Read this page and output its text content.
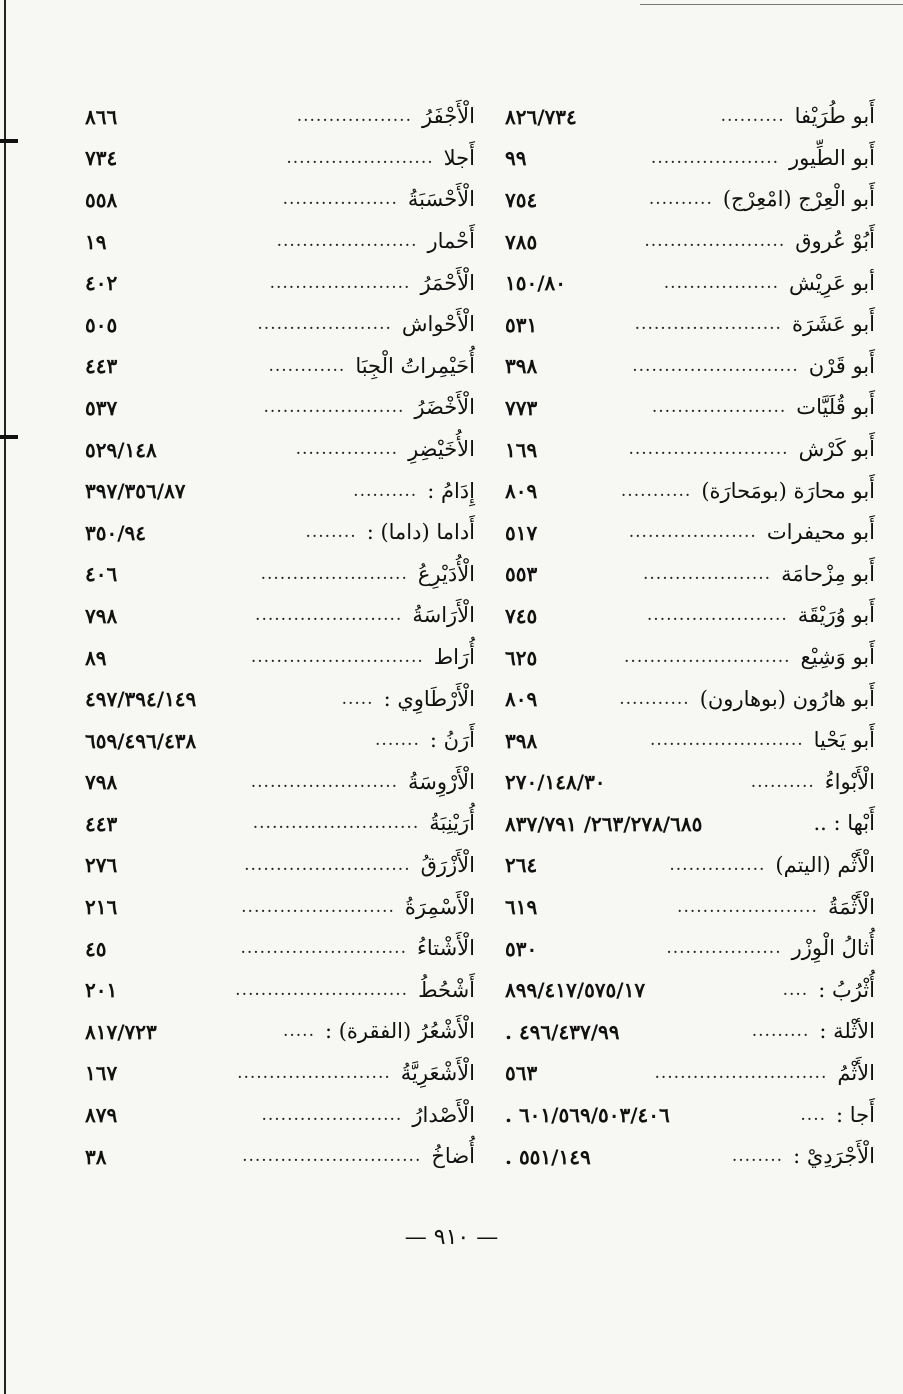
أَبو طُرَيْفا
..........
٨٢٦/٧٣٤
أَبو الطِّيور
....................
٩٩
أَبو الْعِرْج (امْعِرْج)
..........
٧٥٤
أَبُوْ عُروق
......................
٧٨٥
أبو عَرِيْش
..................
١٥٠/٨٠
أَبو عَشَرَة
.......................
٥٣١
أَبو قَرْن
..........................
٣٩٨
أَبو قُلَيَّات
.....................
٧٧٣
أَبو كَرْش
.........................
١٦٩
أَبو محارَة (بومَحارَة)
...........
٨٠٩
أَبو محيفرات
....................
٥١٧
أَبو مِزْحامَة
....................
٥٥٣
أَبو وُرَيْقَة
......................
٧٤٥
أَبو وَشِيْع
..........................
٦٢٥
أَبو هارُون (بوهارون)
...........
٨٠٩
أَبو يَحْيا
........................
٣٩٨
الْأَبْواءُ
..........
٢٧٠/١٤٨/٣٠
أَبْها : ..
٢٦٣/٢٧٨/٦٨٥/ ٨٣٧/٧٩١
الْأَثْم (اليتم)
...............
٢٦٤
الْأَثْمَةُ
......................
٦١٩
أُثالُ الْوِزْر
..................
٥٣٠
أُثْرُبُ :
....
٨٩٩/٤١٧/٥٧٥/١٧
الأثْلة :
.........
٤٩٦/٤٣٧/٩٩ .
الأَثْمُ
...........................
٥٦٣
أَجا :
....
٦٠١/٥٦٩/٥٠٣/٤٠٦ .
الْأَجْرَدِيْ :
........
٥٥١/١٤٩ .
الْأَجْفَرُ
..................
٨٦٦
أَجلا
.......................
٧٣٤
الْأَحْسَبَةُ
..................
٥٥٨
أَحْمار
......................
١٩
الْأَحْمَرُ
......................
٤٠٢
الْأَحْواش
.....................
٥٠٥
أُحَيْمِراتُ الْجِبَا
............
٤٤٣
الْأَخْضَرُ
......................
٥٣٧
الأُخَيْضِرِ
................
٥٢٩/١٤٨
إِدَامُ :
..........
٣٩٧/٣٥٦/٨٧
أَداما (داما) :
........
٣٥٠/٩٤
الْأُدَيْرِعُ
.......................
٤٠٦
الْأَرَاسَةُ
.......................
٧٩٨
أُرَاط
...........................
٨٩
الْأَرْطَاوِي :
.....
٤٩٧/٣٩٤/١٤٩
أَرَنُ :
.......
٦٥٩/٤٩٦/٤٣٨
الْأَرْوِسَةُ
.......................
٧٩٨
أُرَيْنِبَةُ
..........................
٤٤٣
الْأَزْرَقُ
..........................
٢٧٦
الْأَسْمِرَةُ
........................
٢١٦
الْأَشْتاءُ
..........................
٤٥
أَشْحُطُ
...........................
٢٠١
الْأَشْعُرُ (الفقرة) :
.....
٨١٧/٧٢٣
الْأَشْعَرِيَّةُ
........................
١٦٧
الْأَصْدارُ
......................
٨٧٩
أُضاخُ
............................
٣٨
— ٩١٠ —
